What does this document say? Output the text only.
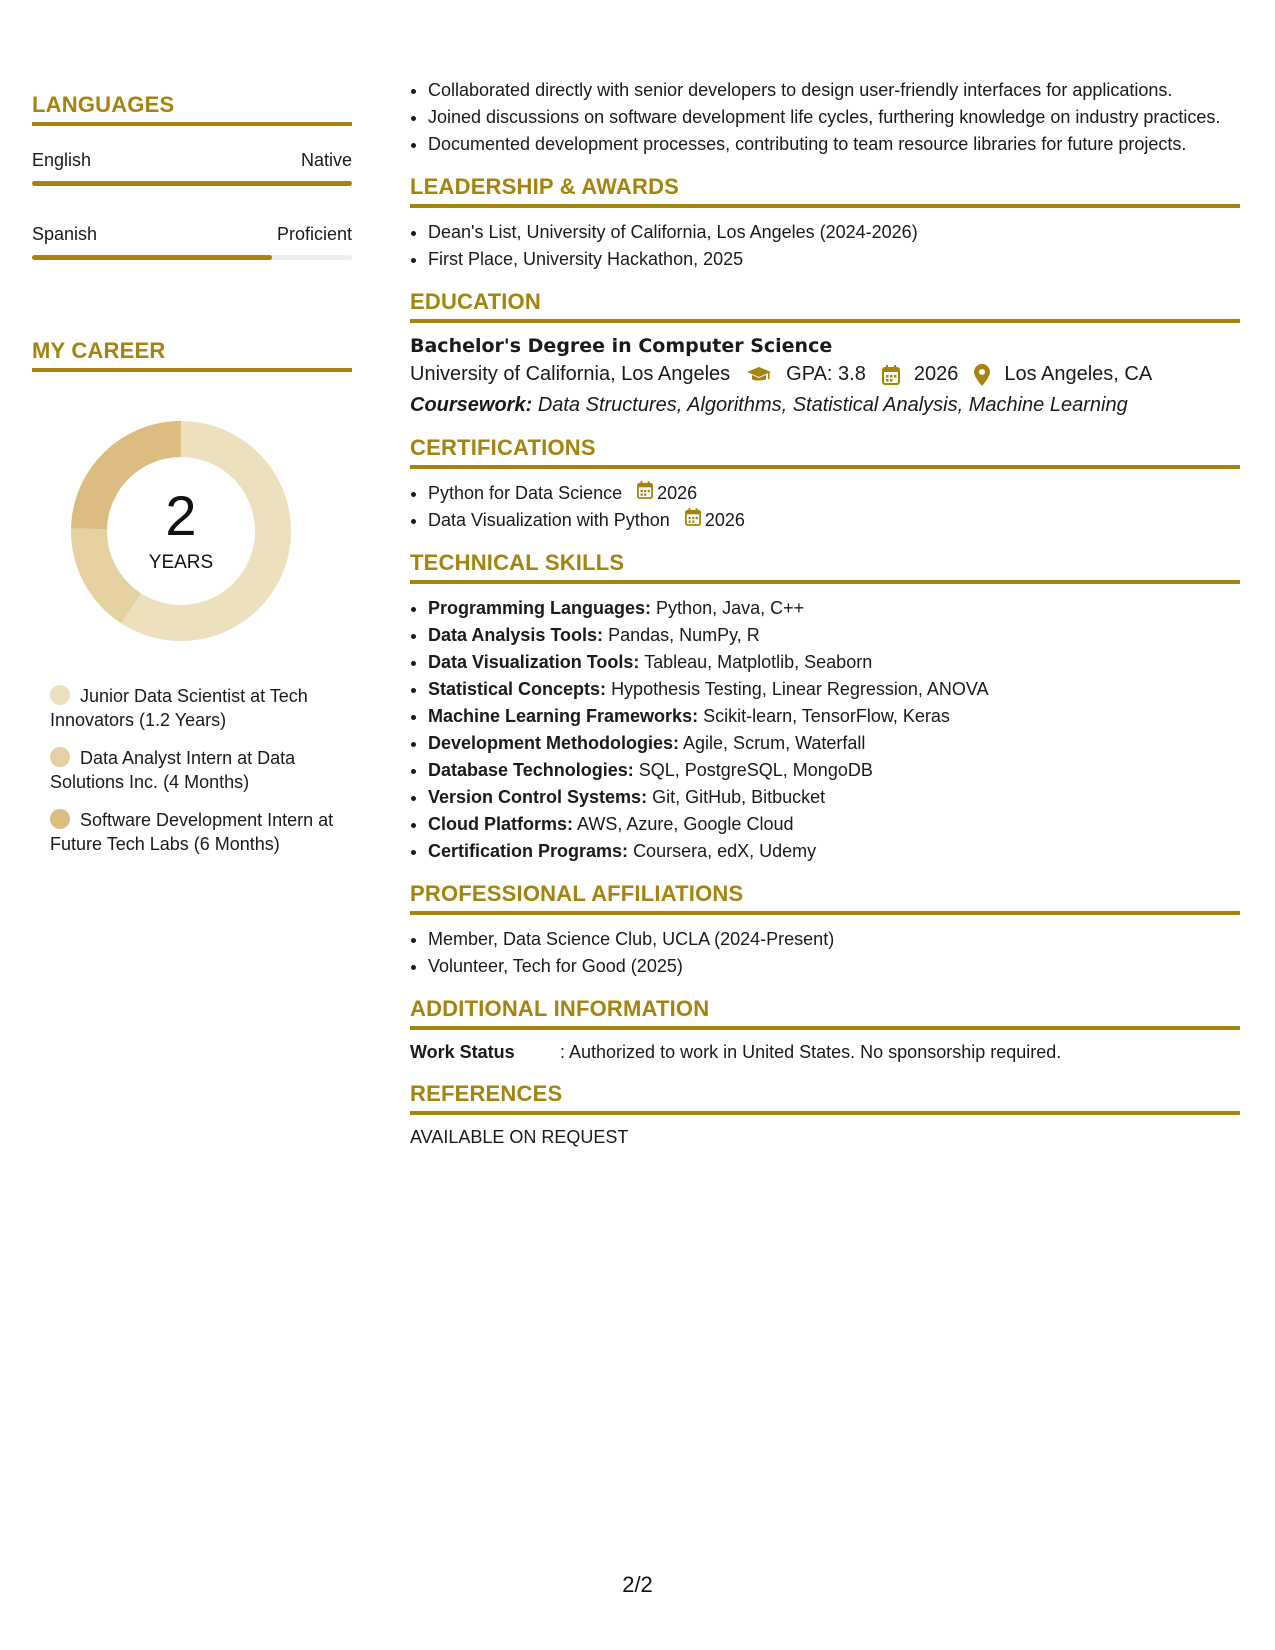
LANGUAGES
English	Native
Spanish	Proficient
MY CAREER
2
YEARS
Junior Data Scientist at Tech Innovators (1.2 Years)
Data Analyst Intern at Data Solutions Inc. (4 Months)
Software Development Intern at Future Tech Labs (6 Months)
• Collaborated directly with senior developers to design user-friendly interfaces for applications.
• Joined discussions on software development life cycles, furthering knowledge on industry practices.
• Documented development processes, contributing to team resource libraries for future projects.
LEADERSHIP & AWARDS
• Dean's List, University of California, Los Angeles (2024-2026)
• First Place, University Hackathon, 2025
EDUCATION
Bachelor's Degree in Computer Science
University of California, Los Angeles	GPA: 3.8 2026 Los Angeles, CA
Coursework: Data Structures, Algorithms, Statistical Analysis, Machine Learning
CERTIFICATIONS
• Python for Data Science 2026
• Data Visualization with Python 2026
TECHNICAL SKILLS
• Programming Languages: Python, Java, C++
• Data Analysis Tools: Pandas, NumPy, R
• Data Visualization Tools: Tableau, Matplotlib, Seaborn
• Statistical Concepts: Hypothesis Testing, Linear Regression, ANOVA
• Machine Learning Frameworks: Scikit-learn, TensorFlow, Keras
• Development Methodologies: Agile, Scrum, Waterfall
• Database Technologies: SQL, PostgreSQL, MongoDB
• Version Control Systems: Git, GitHub, Bitbucket
• Cloud Platforms: AWS, Azure, Google Cloud
• Certification Programs: Coursera, edX, Udemy
PROFESSIONAL AFFILIATIONS
• Member, Data Science Club, UCLA (2024-Present)
• Volunteer, Tech for Good (2025)
ADDITIONAL INFORMATION
Work Status	: Authorized to work in United States. No sponsorship required.
REFERENCES
AVAILABLE ON REQUEST
2/2
